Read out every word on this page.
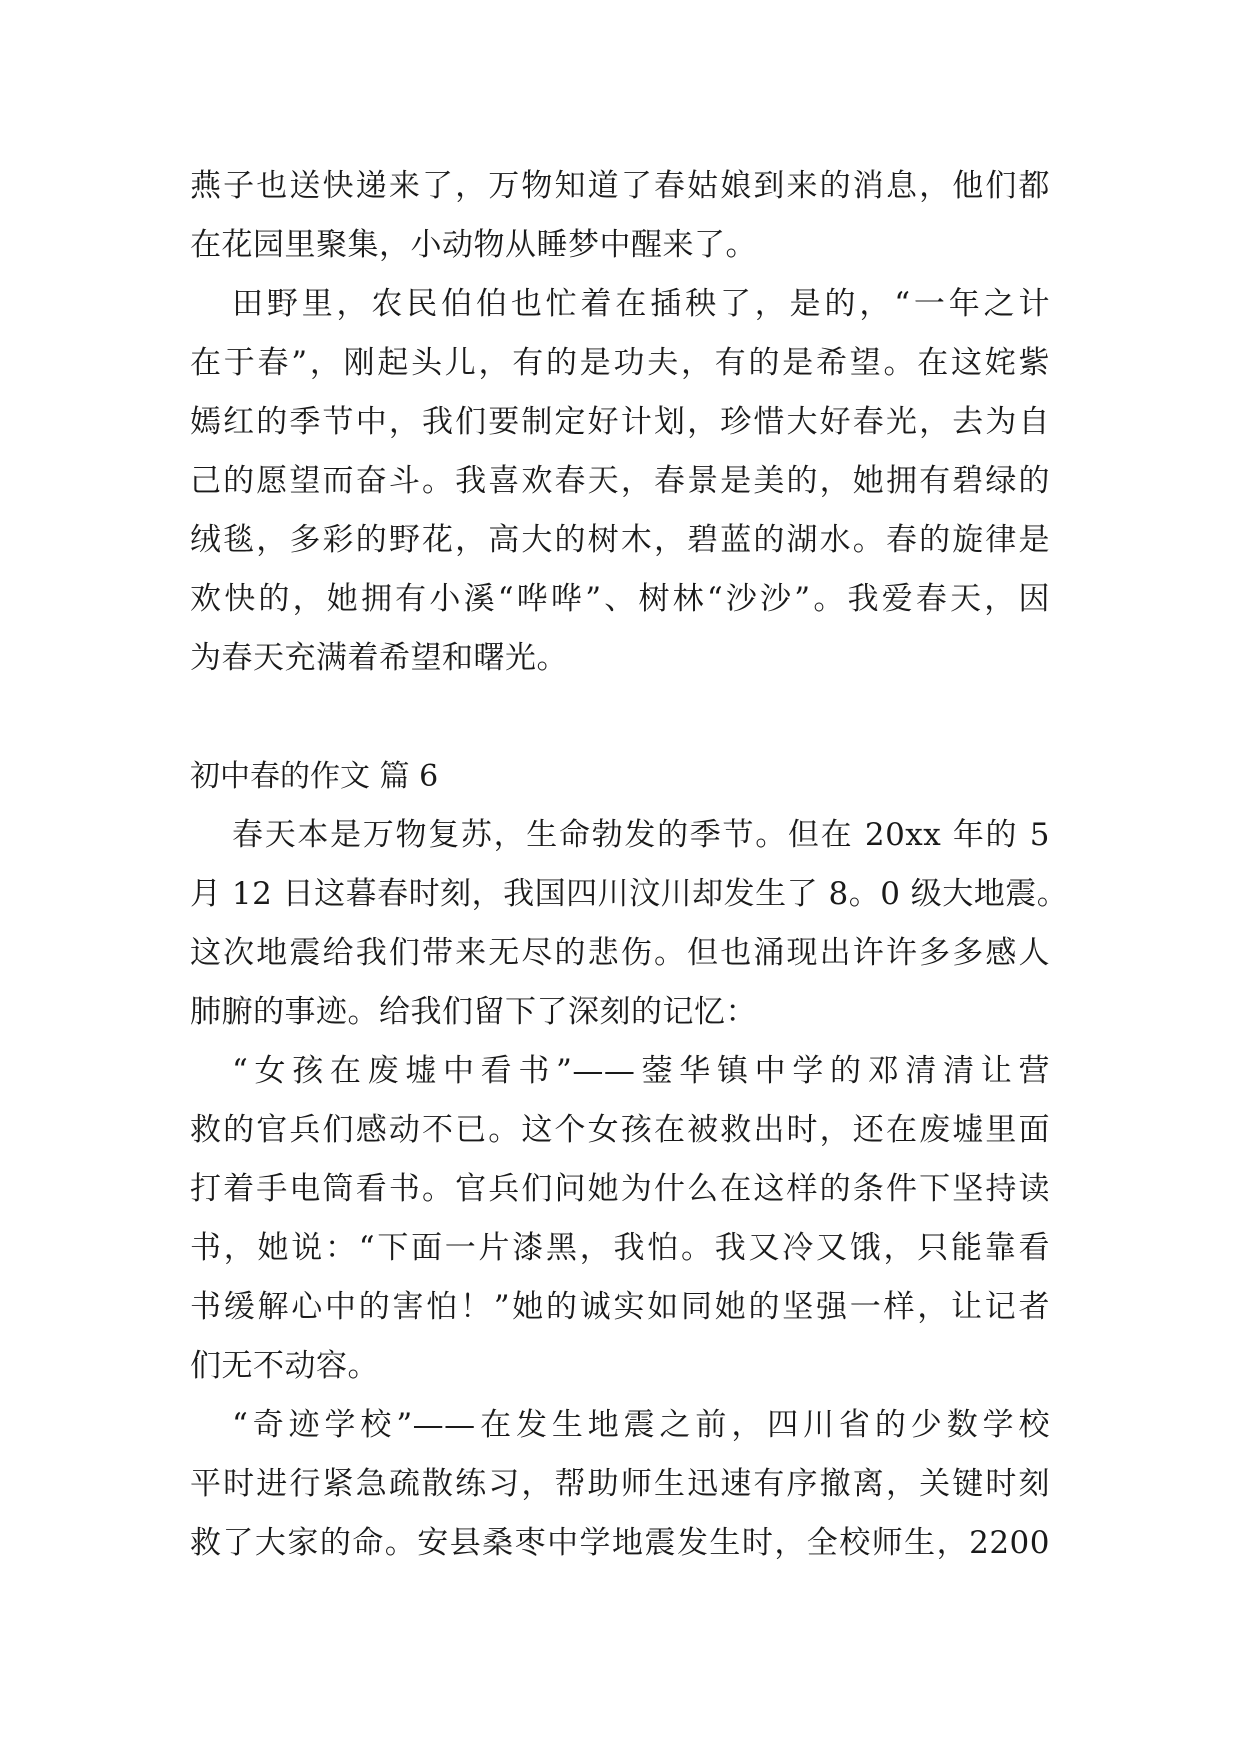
燕子也送快递来了，万物知道了春姑娘到来的消息，他们都
在花园里聚集，小动物从睡梦中醒来了。
田野里，农民伯伯也忙着在插秧了，是的，“一年之计
在于春”，刚起头儿，有的是功夫，有的是希望。在这姹紫
嫣红的季节中，我们要制定好计划，珍惜大好春光，去为自
己的愿望而奋斗。我喜欢春天，春景是美的，她拥有碧绿的
绒毯，多彩的野花，高大的树木，碧蓝的湖水。春的旋律是
欢快的，她拥有小溪“哗哗”、树林“沙沙”。我爱春天，因
为春天充满着希望和曙光。
初中春的作文 篇 6
春天本是万物复苏，生命勃发的季节。但在 20xx 年的 5
月 12 日这暮春时刻，我国四川汶川却发生了 8。0 级大地震。
这次地震给我们带来无尽的悲伤。但也涌现出许许多多感人
肺腑的事迹。给我们留下了深刻的记忆：
“女孩在废墟中看书”——蓥华镇中学的邓清清让营
救的官兵们感动不已。这个女孩在被救出时，还在废墟里面
打着手电筒看书。官兵们问她为什么在这样的条件下坚持读
书，她说：“下面一片漆黑，我怕。我又冷又饿，只能靠看
书缓解心中的害怕！”她的诚实如同她的坚强一样，让记者
们无不动容。
“奇迹学校”——在发生地震之前，四川省的少数学校
平时进行紧急疏散练习，帮助师生迅速有序撤离，关键时刻
救了大家的命。安县桑枣中学地震发生时，全校师生，2200
